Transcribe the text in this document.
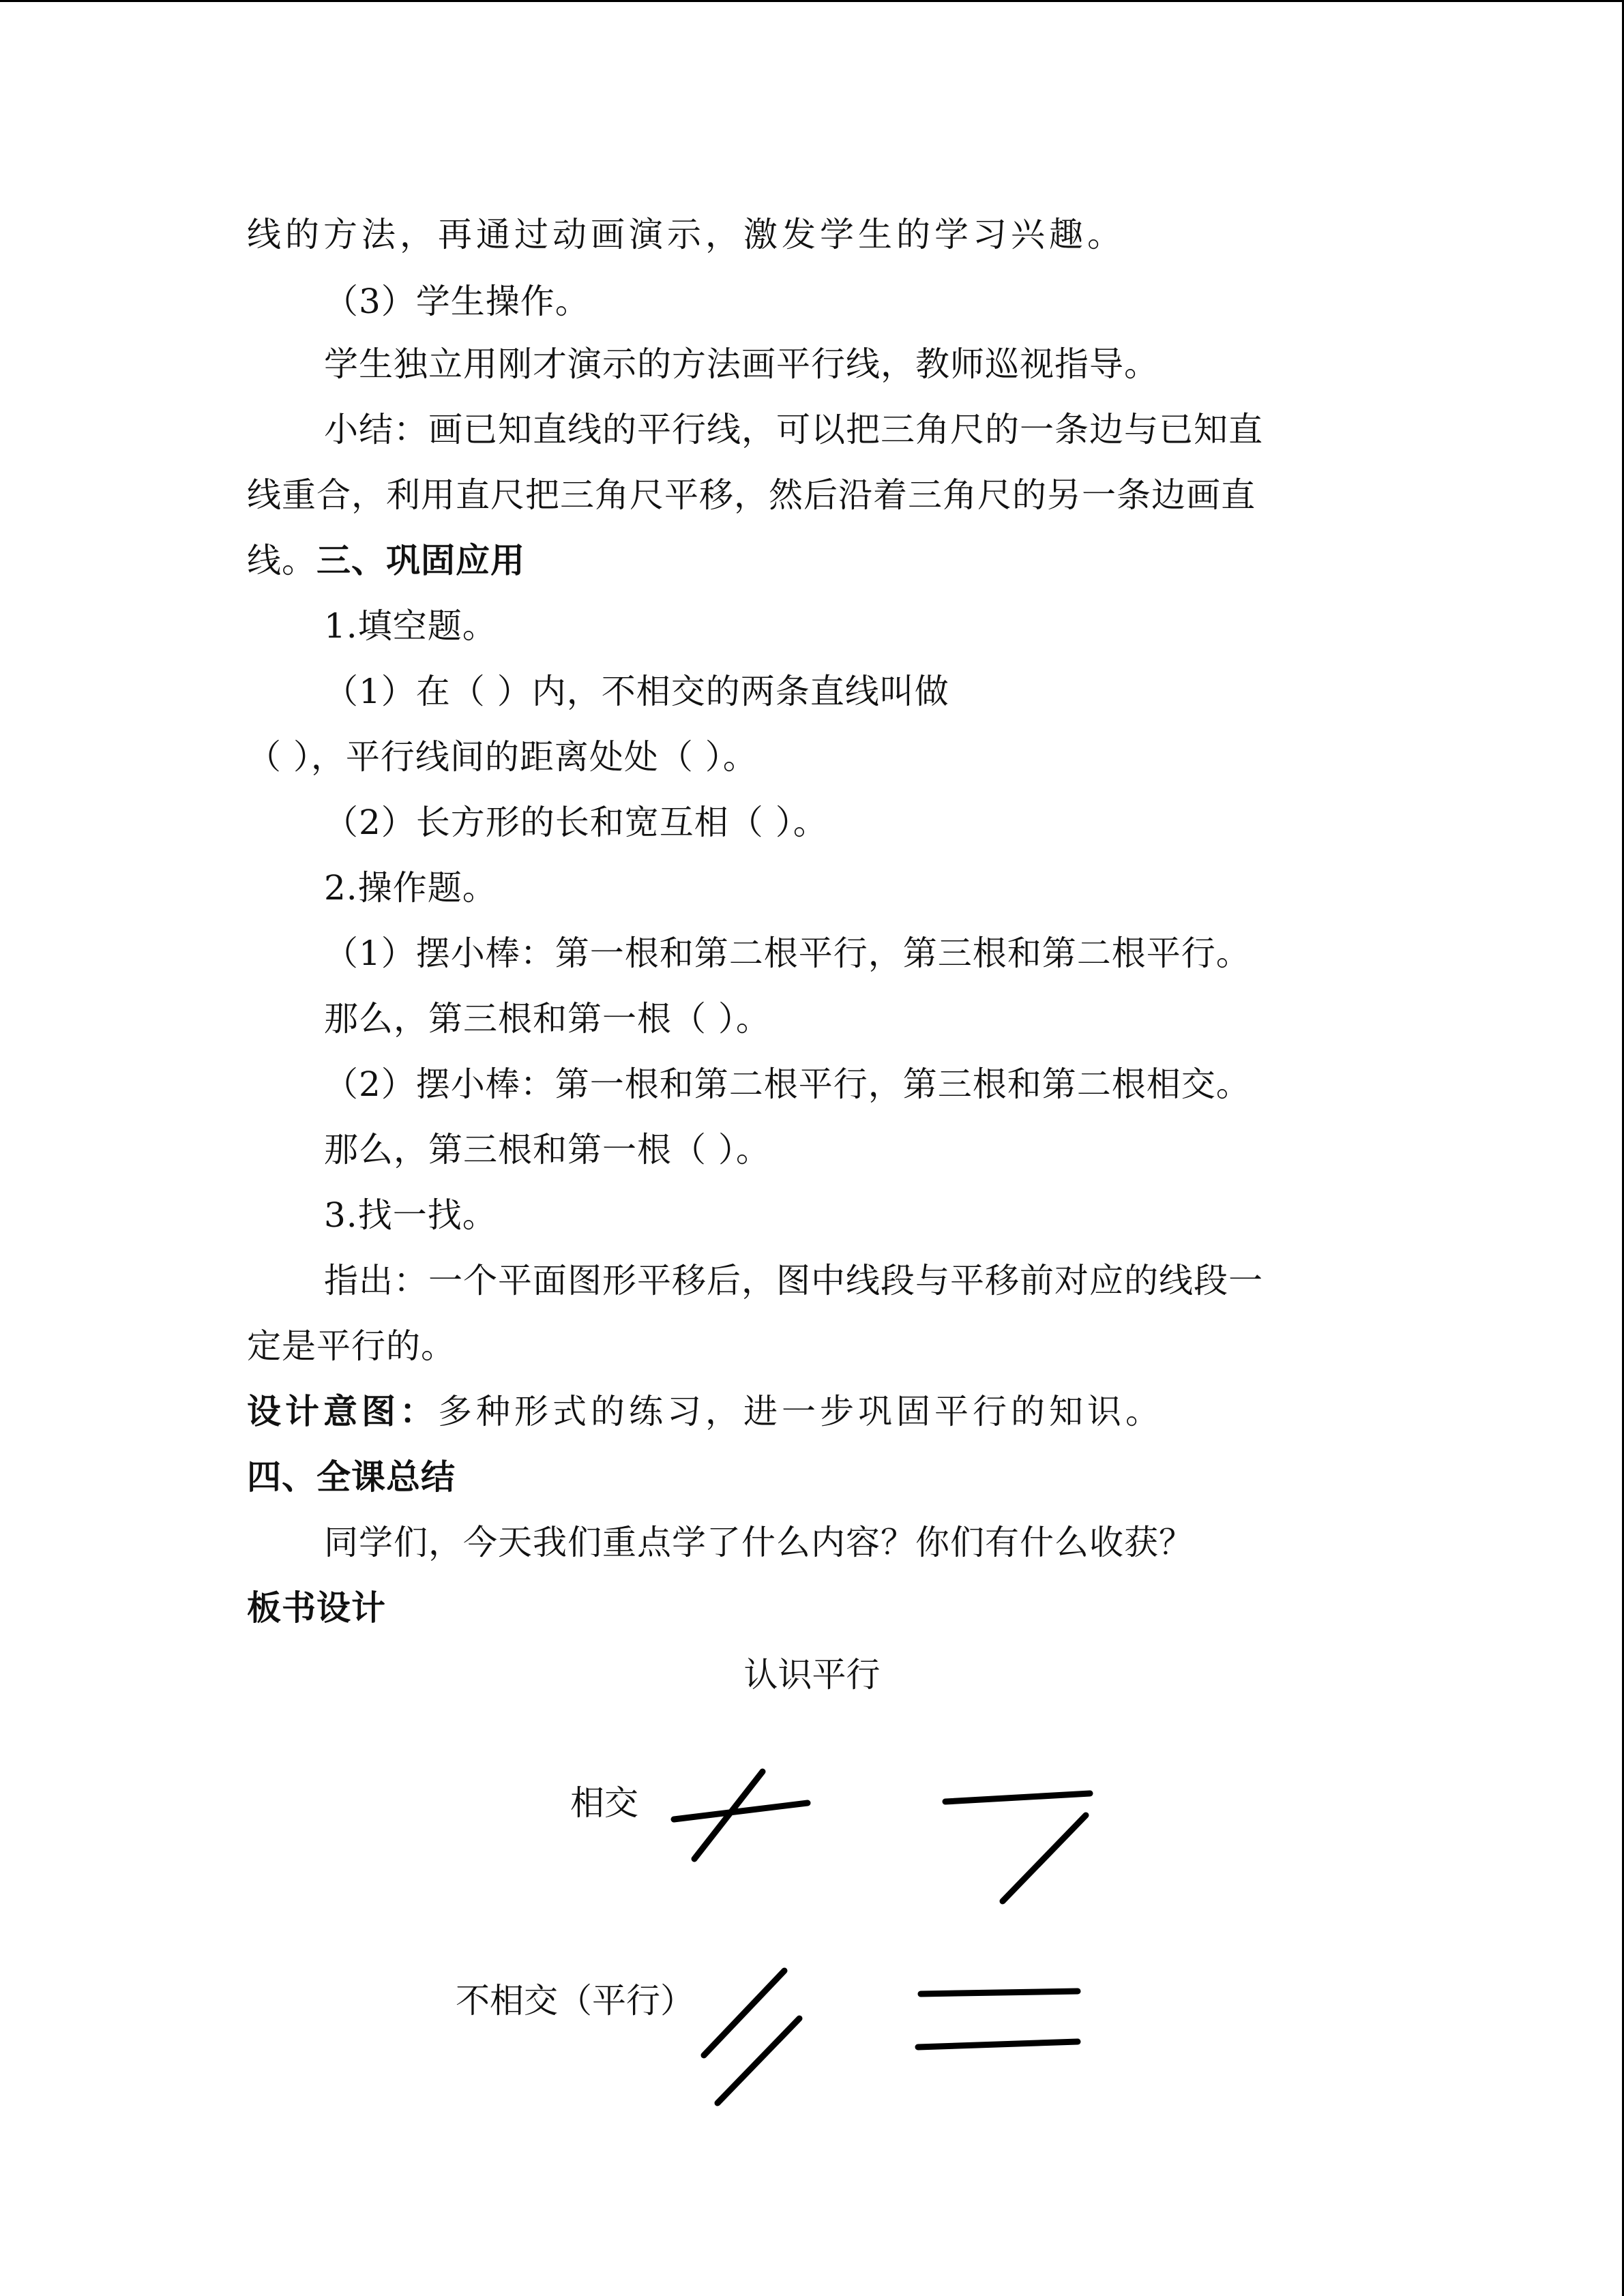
线的方法，再通过动画演示，激发学生的学习兴趣。
（3）学生操作。
学生独立用刚才演示的方法画平行线，教师巡视指导。
小结：画已知直线的平行线，可以把三角尺的一条边与已知直
线重合，利用直尺把三角尺平移，然后沿着三角尺的另一条边画直
线。三、巩固应用
1.填空题。
（1）在（ ）内，不相交的两条直线叫做
（ ），平行线间的距离处处（ ）。
（2）长方形的长和宽互相（ ）。
2.操作题。
（1）摆小棒：第一根和第二根平行，第三根和第二根平行。
那么，第三根和第一根（ ）。
（2）摆小棒：第一根和第二根平行，第三根和第二根相交。
那么，第三根和第一根（ ）。
3.找一找。
指出：一个平面图形平移后，图中线段与平移前对应的线段一
定是平行的。
设计意图：多种形式的练习，进一步巩固平行的知识。
四、全课总结
同学们，今天我们重点学了什么内容？你们有什么收获？
板书设计
认识平行
相交
不相交（平行）
